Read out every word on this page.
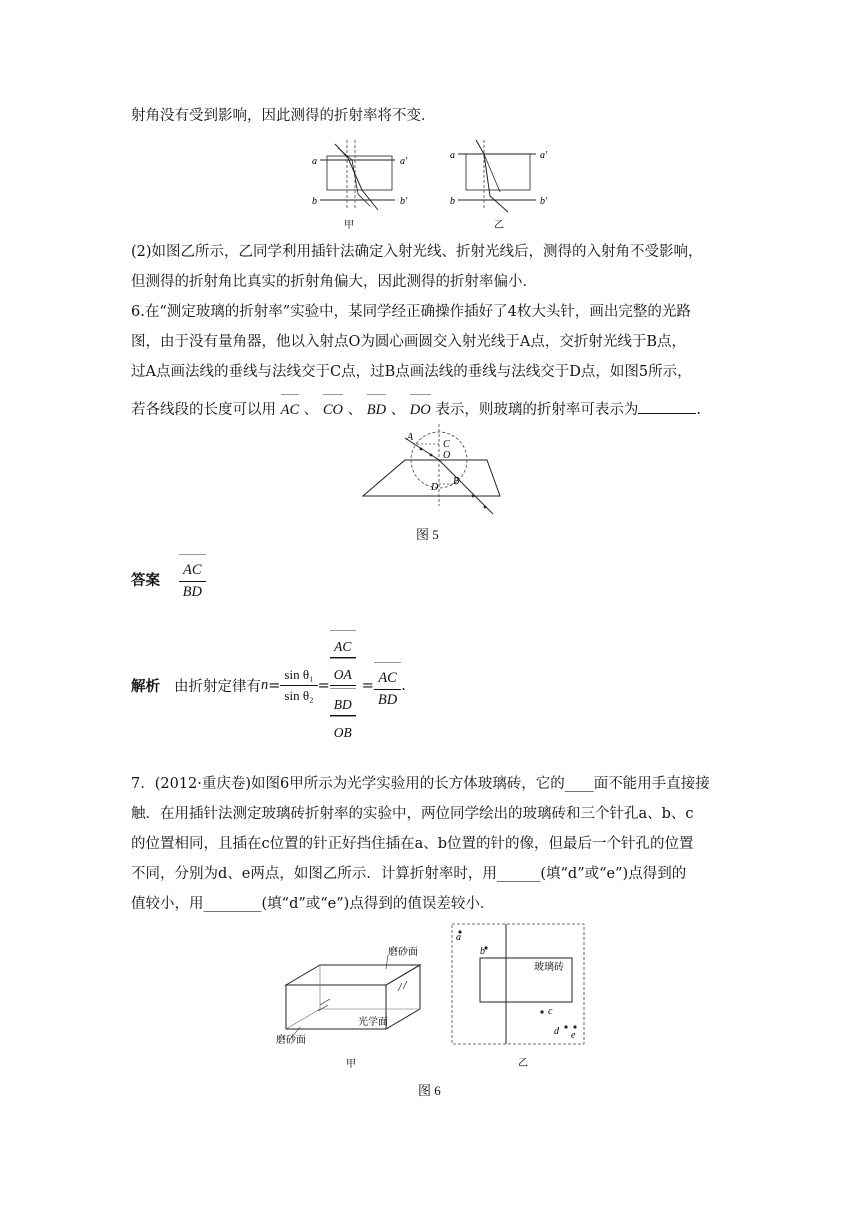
射角没有受到影响，因此测得的折射率将不变．
a	a′
b	b′
甲
a	a′
b	b′
乙
(2)如图乙所示，乙同学利用插针法确定入射光线、折射光线后，测得的入射角不受影响，
但测得的折射角比真实的折射角偏大，因此测得的折射率偏小．
6.在“测定玻璃的折射率”实验中，某同学经正确操作插好了4枚大头针，画出完整的光路
图，由于没有量角器，他以入射点O为圆心画圆交入射光线于A点，交折射光线于B点，
过A点画法线的垂线与法线交于C点，过B点画法线的垂线与法线交于D点，如图5所示，
若各线段的长度可以用 AC 、 CO 、 BD 、 DO 表示，则玻璃的折射率可表示为	.
A
C
O
D
B
图 5
答案 $\frac{AC}{BD}$
解析 由折射定律有 $n = \frac{\text{sin θ₁}}{\text{sin θ₂}} = \frac{\frac{AC}{OA}}{\frac{BD}{OB}} = \frac{AC}{BD}$ .
7．(2012·重庆卷)如图6甲所示为光学实验用的长方体玻璃砖，它的____面不能用手直接接
触．在用插针法测定玻璃砖折射率的实验中，两位同学绘出的玻璃砖和三个针孔a、b、c
的位置相同，且插在c位置的针正好挡住插在a、b位置的针的像，但最后一个针孔的位置
不同，分别为d、e两点，如图乙所示．计算折射率时，用______(填“d”或“e”)点得到的
值较小，用________(填“d”或“e”)点得到的值误差较小．
磨砂面
光学面
磨砂面
甲
a
b
玻璃砖
c
d e
乙
图 6
